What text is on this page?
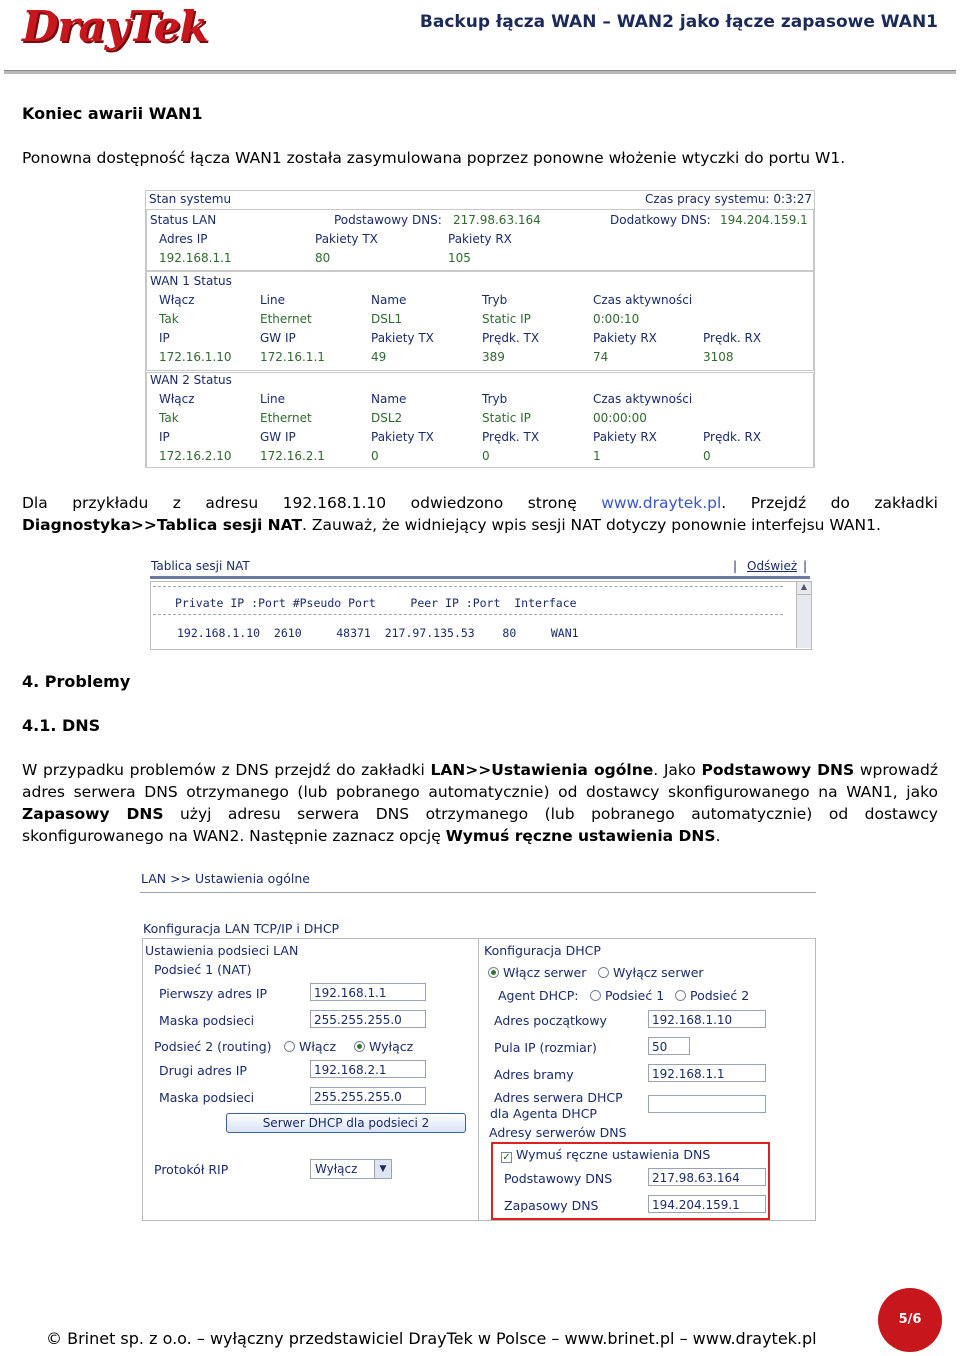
DrayTek	Backup łącza WAN – WAN2 jako łącze zapasowe WAN1
Koniec awarii WAN1
Ponowna dostępność łącza WAN1 została zasymulowana poprzez ponowne włożenie wtyczki do portu W1.
Stan systemu	Czas pracy systemu: 0:3:27
Status LAN	Podstawowy DNS: 217.98.63.164	Dodatkowy DNS: 194.204.159.1
Adres IP	Pakiety TX	Pakiety RX
192.168.1.1	80	105
WAN 1 Status
Włącz	Line	Name	Tryb	Czas aktywności
Tak	Ethernet	DSL1	Static IP	0:00:10
IP	GW IP	Pakiety TX	Prędk. TX	Pakiety RX	Prędk. RX
172.16.1.10 172.16.1.1	49	389	74	3108
WAN 2 Status
Włącz	Line	Name	Tryb	Czas aktywności
Tak	Ethernet	DSL2	Static IP	00:00:00
IP	GW IP	Pakiety TX	Prędk. TX	Pakiety RX	Prędk. RX
172.16.2.10 172.16.2.1	0	0	1	0
Dla przykładu z adresu 192.168.1.10 odwiedzono stronę www.draytek.pl. Przejdź do zakładki
Diagnostyka>>Tablica sesji NAT. Zauważ, że widniejący wpis sesji NAT dotyczy ponownie interfejsu WAN1.
Tablica sesji NAT	| Odśwież |
Private IP :Port #Pseudo Port     Peer IP :Port  Interface
192.168.1.10  2610     48371  217.97.135.53    80     WAN1
▲
4. Problemy
4.1. DNS
W przypadku problemów z DNS przejdź do zakładki LAN>>Ustawienia ogólne. Jako Podstawowy DNS wprowadź adres serwera DNS otrzymanego (lub pobranego automatycznie) od dostawcy skonfigurowanego na WAN1, jako Zapasowy DNS użyj adresu serwera DNS otrzymanego (lub pobranego automatycznie) od dostawcy skonfigurowanego na WAN2. Następnie zaznacz opcję Wymuś ręczne ustawienia DNS.
LAN >> Ustawienia ogólne
Konfiguracja LAN TCP/IP i DHCP
Ustawienia podsieci LAN
Podsieć 1 (NAT)
Pierwszy adres IP	192.168.1.1
Maska podsieci	255.255.255.0
Podsieć 2 (routing)	Włącz	Wyłącz
Drugi adres IP	192.168.2.1
Maska podsieci	255.255.255.0
Serwer DHCP dla podsieci 2
Protokół RIP	Wyłącz	▼
Konfiguracja DHCP
Włącz serwer	Wyłącz serwer
Agent DHCP:	Podsieć 1	Podsieć 2
Adres początkowy	192.168.1.10
Pula IP (rozmiar)	50
Adres bramy	192.168.1.1
Adres serwera DHCP
dla Agenta DHCP
Adresy serwerów DNS
✓ Wymuś ręczne ustawienia DNS
Podstawowy DNS	217.98.63.164
Zapasowy DNS	194.204.159.1
© Brinet sp. z o.o. – wyłączny przedstawiciel DrayTek w Polsce – www.brinet.pl – www.draytek.pl
5/6
